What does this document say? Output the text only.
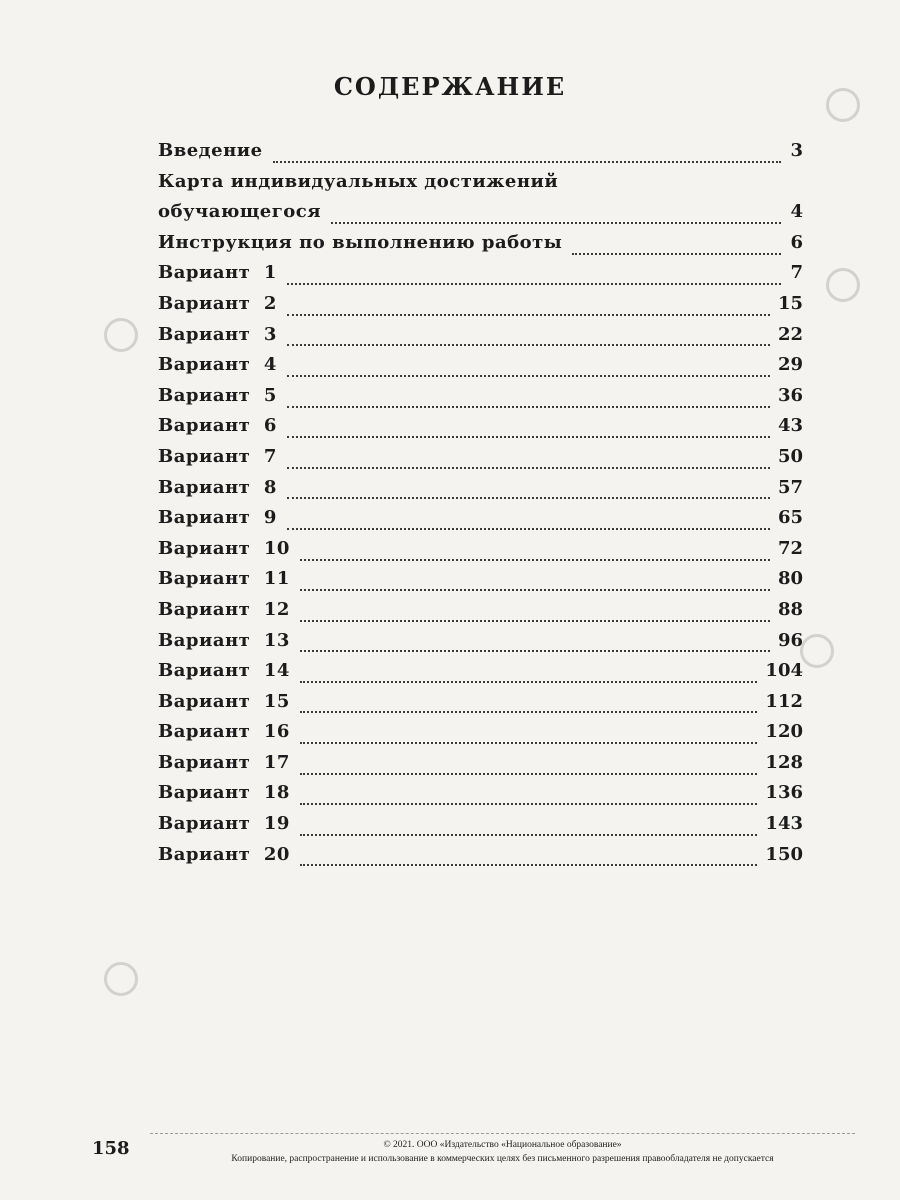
СОДЕРЖАНИЕ
Введение	3
Карта индивидуальных достижений
обучающегося	4
Инструкция по выполнению работы	6
Вариант  1	7
Вариант  2	15
Вариант  3	22
Вариант  4	29
Вариант  5	36
Вариант  6	43
Вариант  7	50
Вариант  8	57
Вариант  9	65
Вариант  10	72
Вариант  11	80
Вариант  12	88
Вариант  13	96
Вариант  14	104
Вариант  15	112
Вариант  16	120
Вариант  17	128
Вариант  18	136
Вариант  19	143
Вариант  20	150
158	© 2021. ООО «Издательство «Национальное образование»
Копирование, распространение и использование в коммерческих целях без письменного разрешения правообладателя не допускается
